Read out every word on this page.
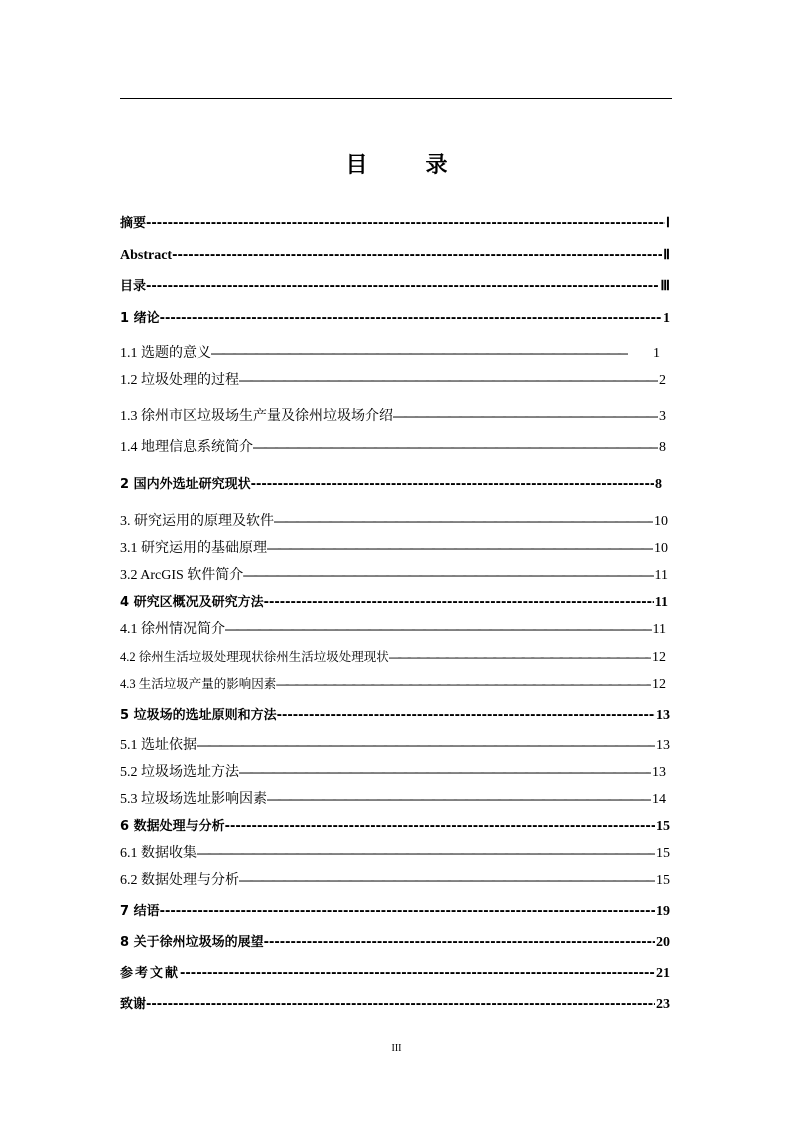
目　录
摘要 -----	Ⅰ
Abstract -----	Ⅱ
目录 -----	Ⅲ
1 绪论 -----	1
1.1 选题的意义 —————	1
1.2 垃圾处理的过程 —————	2
1.3 徐州市区垃圾场生产量及徐州垃圾场介绍 —————	3
1.4 地理信息系统简介 —————	8
2 国内外选址研究现状 -----	8
3. 研究运用的原理及软件 —————	10
3.1 研究运用的基础原理 —————	10
3.2 ArcGIS 软件简介 —————	11
4 研究区概况及研究方法 -----	11
4.1 徐州情况简介 —————	11
4.2 徐州生活垃圾处理现状徐州生活垃圾处理现状 —————	12
4.3 生活垃圾产量的影响因素 —————	12
5 垃圾场的选址原则和方法 -----	13
5.1 选址依据 —————	13
5.2 垃圾场选址方法 —————	13
5.3 垃圾场选址影响因素 —————	14
6 数据处理与分析 -----	15
6.1 数据收集 —————	15
6.2 数据处理与分析 —————	15
7 结语 -----	19
8 关于徐州垃圾场的展望 -----	20
参考文献 -----	21
致谢 -----	23
III
